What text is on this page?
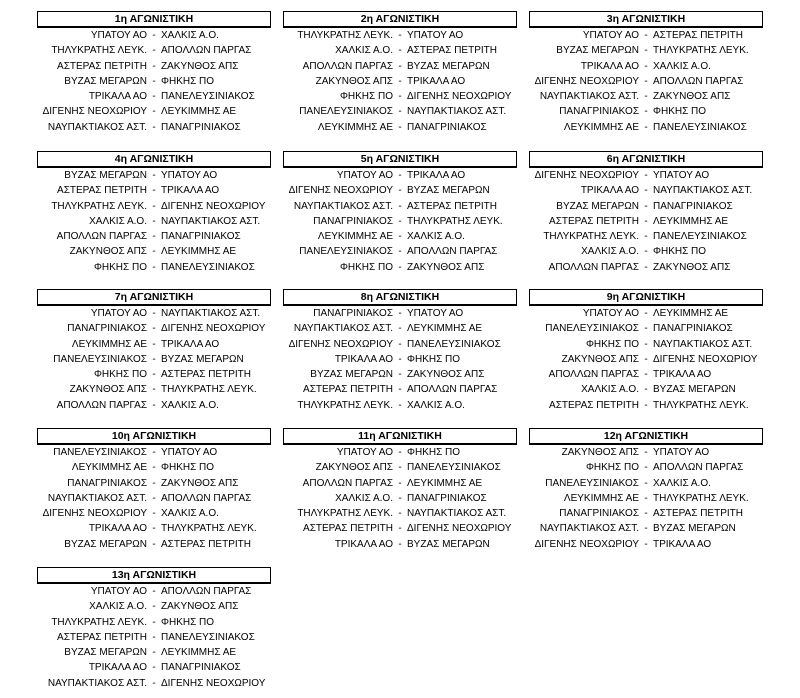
1η ΑΓΩΝΙΣΤΙΚΗ
ΥΠΑΤΟΥ ΑΟ - ΧΑΛΚΙΣ Α.Ο.
ΤΗΛΥΚΡΑΤΗΣ ΛΕΥΚ. - ΑΠΟΛΛΩΝ ΠΑΡΓΑΣ
ΑΣΤΕΡΑΣ ΠΕΤΡΙΤΗ - ΖΑΚΥΝΘΟΣ ΑΠΣ
ΒΥΖΑΣ ΜΕΓΑΡΩΝ - ΦΗΚΗΣ ΠΟ
ΤΡΙΚΑΛΑ ΑΟ - ΠΑΝΕΛΕΥΣΙΝΙΑΚΟΣ
ΔΙΓΕΝΗΣ ΝΕΟΧΩΡΙΟΥ - ΛΕΥΚΙΜΜΗΣ ΑΕ
ΝΑΥΠΑΚΤΙΑΚΟΣ ΑΣΤ. - ΠΑΝΑΓΡΙΝΙΑΚΟΣ
2η ΑΓΩΝΙΣΤΙΚΗ
ΤΗΛΥΚΡΑΤΗΣ ΛΕΥΚ. - ΥΠΑΤΟΥ ΑΟ
ΧΑΛΚΙΣ Α.Ο. - ΑΣΤΕΡΑΣ ΠΕΤΡΙΤΗ
ΑΠΟΛΛΩΝ ΠΑΡΓΑΣ - ΒΥΖΑΣ ΜΕΓΑΡΩΝ
ΖΑΚΥΝΘΟΣ ΑΠΣ - ΤΡΙΚΑΛΑ ΑΟ
ΦΗΚΗΣ ΠΟ - ΔΙΓΕΝΗΣ ΝΕΟΧΩΡΙΟΥ
ΠΑΝΕΛΕΥΣΙΝΙΑΚΟΣ - ΝΑΥΠΑΚΤΙΑΚΟΣ ΑΣΤ.
ΛΕΥΚΙΜΜΗΣ ΑΕ - ΠΑΝΑΓΡΙΝΙΑΚΟΣ
3η ΑΓΩΝΙΣΤΙΚΗ
ΥΠΑΤΟΥ ΑΟ - ΑΣΤΕΡΑΣ ΠΕΤΡΙΤΗ
ΒΥΖΑΣ ΜΕΓΑΡΩΝ - ΤΗΛΥΚΡΑΤΗΣ ΛΕΥΚ.
ΤΡΙΚΑΛΑ ΑΟ - ΧΑΛΚΙΣ Α.Ο.
ΔΙΓΕΝΗΣ ΝΕΟΧΩΡΙΟΥ - ΑΠΟΛΛΩΝ ΠΑΡΓΑΣ
ΝΑΥΠΑΚΤΙΑΚΟΣ ΑΣΤ. - ΖΑΚΥΝΘΟΣ ΑΠΣ
ΠΑΝΑΓΡΙΝΙΑΚΟΣ - ΦΗΚΗΣ ΠΟ
ΛΕΥΚΙΜΜΗΣ ΑΕ - ΠΑΝΕΛΕΥΣΙΝΙΑΚΟΣ
4η ΑΓΩΝΙΣΤΙΚΗ
ΒΥΖΑΣ ΜΕΓΑΡΩΝ - ΥΠΑΤΟΥ ΑΟ
ΑΣΤΕΡΑΣ ΠΕΤΡΙΤΗ - ΤΡΙΚΑΛΑ ΑΟ
ΤΗΛΥΚΡΑΤΗΣ ΛΕΥΚ. - ΔΙΓΕΝΗΣ ΝΕΟΧΩΡΙΟΥ
ΧΑΛΚΙΣ Α.Ο. - ΝΑΥΠΑΚΤΙΑΚΟΣ ΑΣΤ.
ΑΠΟΛΛΩΝ ΠΑΡΓΑΣ - ΠΑΝΑΓΡΙΝΙΑΚΟΣ
ΖΑΚΥΝΘΟΣ ΑΠΣ - ΛΕΥΚΙΜΜΗΣ ΑΕ
ΦΗΚΗΣ ΠΟ - ΠΑΝΕΛΕΥΣΙΝΙΑΚΟΣ
5η ΑΓΩΝΙΣΤΙΚΗ
ΥΠΑΤΟΥ ΑΟ - ΤΡΙΚΑΛΑ ΑΟ
ΔΙΓΕΝΗΣ ΝΕΟΧΩΡΙΟΥ - ΒΥΖΑΣ ΜΕΓΑΡΩΝ
ΝΑΥΠΑΚΤΙΑΚΟΣ ΑΣΤ. - ΑΣΤΕΡΑΣ ΠΕΤΡΙΤΗ
ΠΑΝΑΓΡΙΝΙΑΚΟΣ - ΤΗΛΥΚΡΑΤΗΣ ΛΕΥΚ.
ΛΕΥΚΙΜΜΗΣ ΑΕ - ΧΑΛΚΙΣ Α.Ο.
ΠΑΝΕΛΕΥΣΙΝΙΑΚΟΣ - ΑΠΟΛΛΩΝ ΠΑΡΓΑΣ
ΦΗΚΗΣ ΠΟ - ΖΑΚΥΝΘΟΣ ΑΠΣ
6η ΑΓΩΝΙΣΤΙΚΗ
ΔΙΓΕΝΗΣ ΝΕΟΧΩΡΙΟΥ - ΥΠΑΤΟΥ ΑΟ
ΤΡΙΚΑΛΑ ΑΟ - ΝΑΥΠΑΚΤΙΑΚΟΣ ΑΣΤ.
ΒΥΖΑΣ ΜΕΓΑΡΩΝ - ΠΑΝΑΓΡΙΝΙΑΚΟΣ
ΑΣΤΕΡΑΣ ΠΕΤΡΙΤΗ - ΛΕΥΚΙΜΜΗΣ ΑΕ
ΤΗΛΥΚΡΑΤΗΣ ΛΕΥΚ. - ΠΑΝΕΛΕΥΣΙΝΙΑΚΟΣ
ΧΑΛΚΙΣ Α.Ο. - ΦΗΚΗΣ ΠΟ
ΑΠΟΛΛΩΝ ΠΑΡΓΑΣ - ΖΑΚΥΝΘΟΣ ΑΠΣ
7η ΑΓΩΝΙΣΤΙΚΗ
ΥΠΑΤΟΥ ΑΟ - ΝΑΥΠΑΚΤΙΑΚΟΣ ΑΣΤ.
ΠΑΝΑΓΡΙΝΙΑΚΟΣ - ΔΙΓΕΝΗΣ ΝΕΟΧΩΡΙΟΥ
ΛΕΥΚΙΜΜΗΣ ΑΕ - ΤΡΙΚΑΛΑ ΑΟ
ΠΑΝΕΛΕΥΣΙΝΙΑΚΟΣ - ΒΥΖΑΣ ΜΕΓΑΡΩΝ
ΦΗΚΗΣ ΠΟ - ΑΣΤΕΡΑΣ ΠΕΤΡΙΤΗ
ΖΑΚΥΝΘΟΣ ΑΠΣ - ΤΗΛΥΚΡΑΤΗΣ ΛΕΥΚ.
ΑΠΟΛΛΩΝ ΠΑΡΓΑΣ - ΧΑΛΚΙΣ Α.Ο.
8η ΑΓΩΝΙΣΤΙΚΗ
ΠΑΝΑΓΡΙΝΙΑΚΟΣ - ΥΠΑΤΟΥ ΑΟ
ΝΑΥΠΑΚΤΙΑΚΟΣ ΑΣΤ. - ΛΕΥΚΙΜΜΗΣ ΑΕ
ΔΙΓΕΝΗΣ ΝΕΟΧΩΡΙΟΥ - ΠΑΝΕΛΕΥΣΙΝΙΑΚΟΣ
ΤΡΙΚΑΛΑ ΑΟ - ΦΗΚΗΣ ΠΟ
ΒΥΖΑΣ ΜΕΓΑΡΩΝ - ΖΑΚΥΝΘΟΣ ΑΠΣ
ΑΣΤΕΡΑΣ ΠΕΤΡΙΤΗ - ΑΠΟΛΛΩΝ ΠΑΡΓΑΣ
ΤΗΛΥΚΡΑΤΗΣ ΛΕΥΚ. - ΧΑΛΚΙΣ Α.Ο.
9η ΑΓΩΝΙΣΤΙΚΗ
ΥΠΑΤΟΥ ΑΟ - ΛΕΥΚΙΜΜΗΣ ΑΕ
ΠΑΝΕΛΕΥΣΙΝΙΑΚΟΣ - ΠΑΝΑΓΡΙΝΙΑΚΟΣ
ΦΗΚΗΣ ΠΟ - ΝΑΥΠΑΚΤΙΑΚΟΣ ΑΣΤ.
ΖΑΚΥΝΘΟΣ ΑΠΣ - ΔΙΓΕΝΗΣ ΝΕΟΧΩΡΙΟΥ
ΑΠΟΛΛΩΝ ΠΑΡΓΑΣ - ΤΡΙΚΑΛΑ ΑΟ
ΧΑΛΚΙΣ Α.Ο. - ΒΥΖΑΣ ΜΕΓΑΡΩΝ
ΑΣΤΕΡΑΣ ΠΕΤΡΙΤΗ - ΤΗΛΥΚΡΑΤΗΣ ΛΕΥΚ.
10η ΑΓΩΝΙΣΤΙΚΗ
ΠΑΝΕΛΕΥΣΙΝΙΑΚΟΣ - ΥΠΑΤΟΥ ΑΟ
ΛΕΥΚΙΜΜΗΣ ΑΕ - ΦΗΚΗΣ ΠΟ
ΠΑΝΑΓΡΙΝΙΑΚΟΣ - ΖΑΚΥΝΘΟΣ ΑΠΣ
ΝΑΥΠΑΚΤΙΑΚΟΣ ΑΣΤ. - ΑΠΟΛΛΩΝ ΠΑΡΓΑΣ
ΔΙΓΕΝΗΣ ΝΕΟΧΩΡΙΟΥ - ΧΑΛΚΙΣ Α.Ο.
ΤΡΙΚΑΛΑ ΑΟ - ΤΗΛΥΚΡΑΤΗΣ ΛΕΥΚ.
ΒΥΖΑΣ ΜΕΓΑΡΩΝ - ΑΣΤΕΡΑΣ ΠΕΤΡΙΤΗ
11η ΑΓΩΝΙΣΤΙΚΗ
ΥΠΑΤΟΥ ΑΟ - ΦΗΚΗΣ ΠΟ
ΖΑΚΥΝΘΟΣ ΑΠΣ - ΠΑΝΕΛΕΥΣΙΝΙΑΚΟΣ
ΑΠΟΛΛΩΝ ΠΑΡΓΑΣ - ΛΕΥΚΙΜΜΗΣ ΑΕ
ΧΑΛΚΙΣ Α.Ο. - ΠΑΝΑΓΡΙΝΙΑΚΟΣ
ΤΗΛΥΚΡΑΤΗΣ ΛΕΥΚ. - ΝΑΥΠΑΚΤΙΑΚΟΣ ΑΣΤ.
ΑΣΤΕΡΑΣ ΠΕΤΡΙΤΗ - ΔΙΓΕΝΗΣ ΝΕΟΧΩΡΙΟΥ
ΤΡΙΚΑΛΑ ΑΟ - ΒΥΖΑΣ ΜΕΓΑΡΩΝ
12η ΑΓΩΝΙΣΤΙΚΗ
ΖΑΚΥΝΘΟΣ ΑΠΣ - ΥΠΑΤΟΥ ΑΟ
ΦΗΚΗΣ ΠΟ - ΑΠΟΛΛΩΝ ΠΑΡΓΑΣ
ΠΑΝΕΛΕΥΣΙΝΙΑΚΟΣ - ΧΑΛΚΙΣ Α.Ο.
ΛΕΥΚΙΜΜΗΣ ΑΕ - ΤΗΛΥΚΡΑΤΗΣ ΛΕΥΚ.
ΠΑΝΑΓΡΙΝΙΑΚΟΣ - ΑΣΤΕΡΑΣ ΠΕΤΡΙΤΗ
ΝΑΥΠΑΚΤΙΑΚΟΣ ΑΣΤ. - ΒΥΖΑΣ ΜΕΓΑΡΩΝ
ΔΙΓΕΝΗΣ ΝΕΟΧΩΡΙΟΥ - ΤΡΙΚΑΛΑ ΑΟ
13η ΑΓΩΝΙΣΤΙΚΗ
ΥΠΑΤΟΥ ΑΟ - ΑΠΟΛΛΩΝ ΠΑΡΓΑΣ
ΧΑΛΚΙΣ Α.Ο. - ΖΑΚΥΝΘΟΣ ΑΠΣ
ΤΗΛΥΚΡΑΤΗΣ ΛΕΥΚ. - ΦΗΚΗΣ ΠΟ
ΑΣΤΕΡΑΣ ΠΕΤΡΙΤΗ - ΠΑΝΕΛΕΥΣΙΝΙΑΚΟΣ
ΒΥΖΑΣ ΜΕΓΑΡΩΝ - ΛΕΥΚΙΜΜΗΣ ΑΕ
ΤΡΙΚΑΛΑ ΑΟ - ΠΑΝΑΓΡΙΝΙΑΚΟΣ
ΝΑΥΠΑΚΤΙΑΚΟΣ ΑΣΤ. - ΔΙΓΕΝΗΣ ΝΕΟΧΩΡΙΟΥ
